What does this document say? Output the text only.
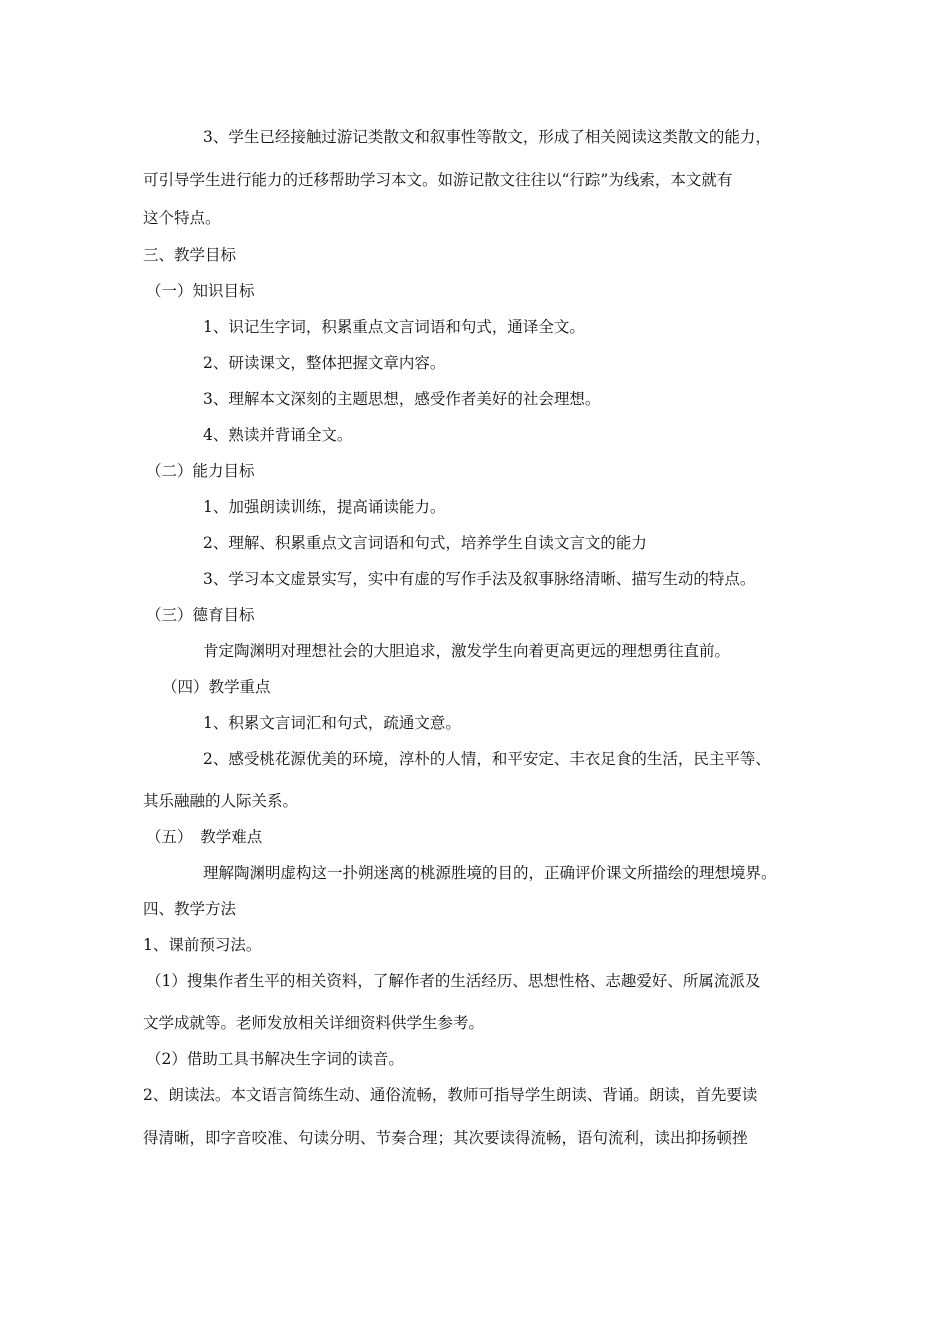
3、学生已经接触过游记类散文和叙事性等散文，形成了相关阅读这类散文的能力，
可引导学生进行能力的迁移帮助学习本文。如游记散文往往以“行踪”为线索，本文就有
这个特点。
三、教学目标
（一）知识目标
1、识记生字词，积累重点文言词语和句式，通译全文。
2、研读课文，整体把握文章内容。
3、理解本文深刻的主题思想，感受作者美好的社会理想。
4、熟读并背诵全文。
（二）能力目标
1、加强朗读训练，提高诵读能力。
2、理解、积累重点文言词语和句式，培养学生自读文言文的能力
3、学习本文虚景实写，实中有虚的写作手法及叙事脉络清晰、描写生动的特点。
（三）德育目标
肯定陶渊明对理想社会的大胆追求，激发学生向着更高更远的理想勇往直前。
（四）教学重点
1、积累文言词汇和句式，疏通文意。
2、感受桃花源优美的环境，淳朴的人情，和平安定、丰衣足食的生活，民主平等、
其乐融融的人际关系。
（五）　教学难点
理解陶渊明虚构这一扑朔迷离的桃源胜境的目的，正确评价课文所描绘的理想境界。
四、教学方法
1、课前预习法。
（1）搜集作者生平的相关资料，了解作者的生活经历、思想性格、志趣爱好、所属流派及
文学成就等。老师发放相关详细资料供学生参考。
（2）借助工具书解决生字词的读音。
2、朗读法。本文语言简练生动、通俗流畅，教师可指导学生朗读、背诵。朗读，首先要读
得清晰，即字音咬准、句读分明、节奏合理；其次要读得流畅，语句流利，读出抑扬顿挫
